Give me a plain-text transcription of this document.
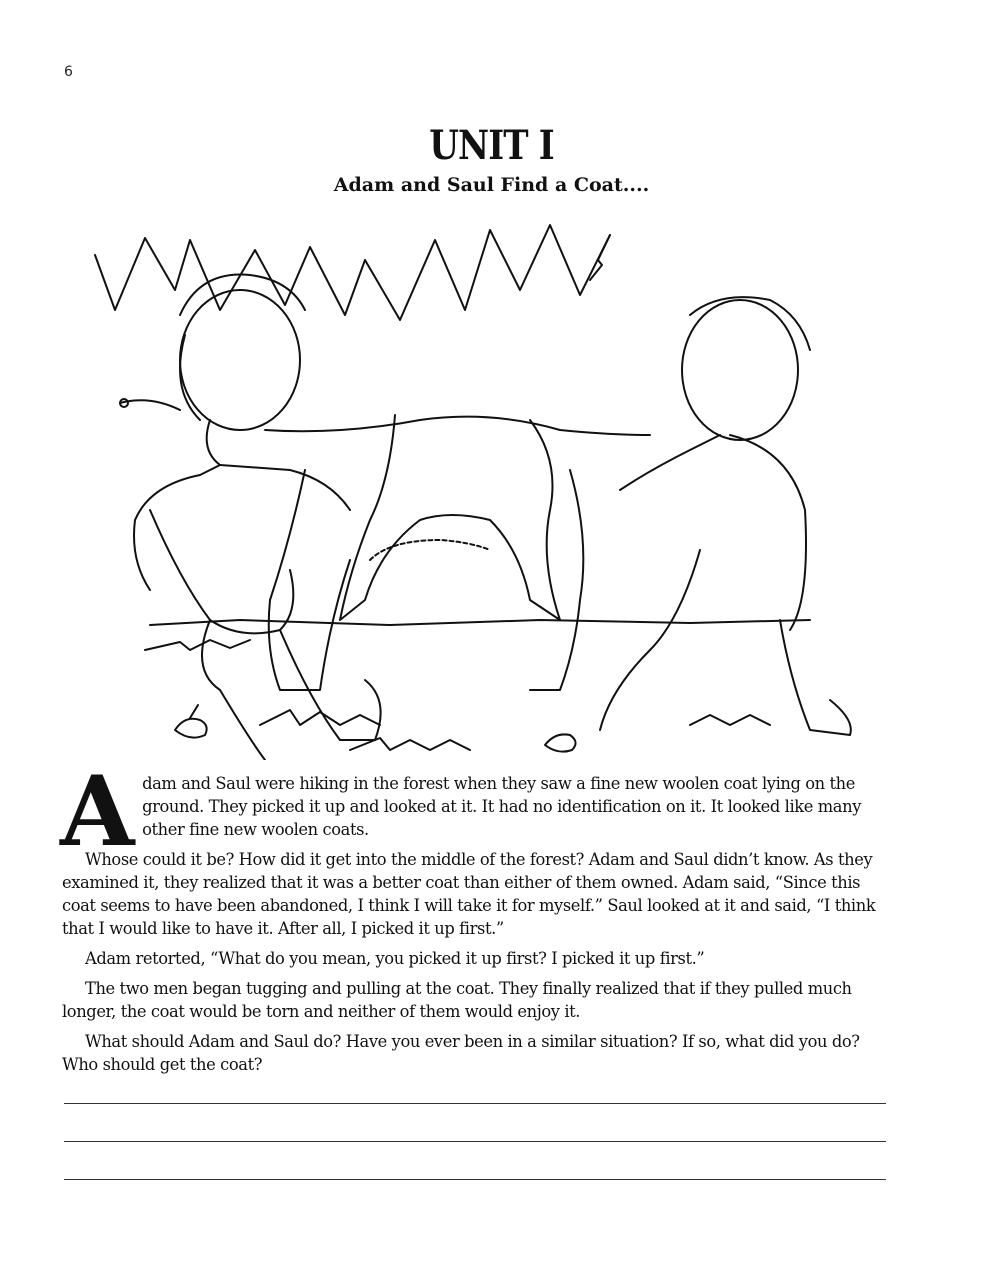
6
UNIT I
Adam and Saul Find a Coat....

Adam and Saul were hiking in the forest when they saw a fine new woolen coat lying on the ground. They picked it up and looked at it. It had no identification on it. It looked like many other fine new woolen coats.

Whose could it be? How did it get into the middle of the forest? Adam and Saul didn’t know. As they examined it, they realized that it was a better coat than either of them owned. Adam said, “Since this coat seems to have been abandoned, I think I will take it for myself.” Saul looked at it and said, “I think that I would like to have it. After all, I picked it up first.”

Adam retorted, “What do you mean, you picked it up first? I picked it up first.”

The two men began tugging and pulling at the coat. They finally realized that if they pulled much longer, the coat would be torn and neither of them would enjoy it.

What should Adam and Saul do? Have you ever been in a similar situation? If so, what did you do? Who should get the coat?
